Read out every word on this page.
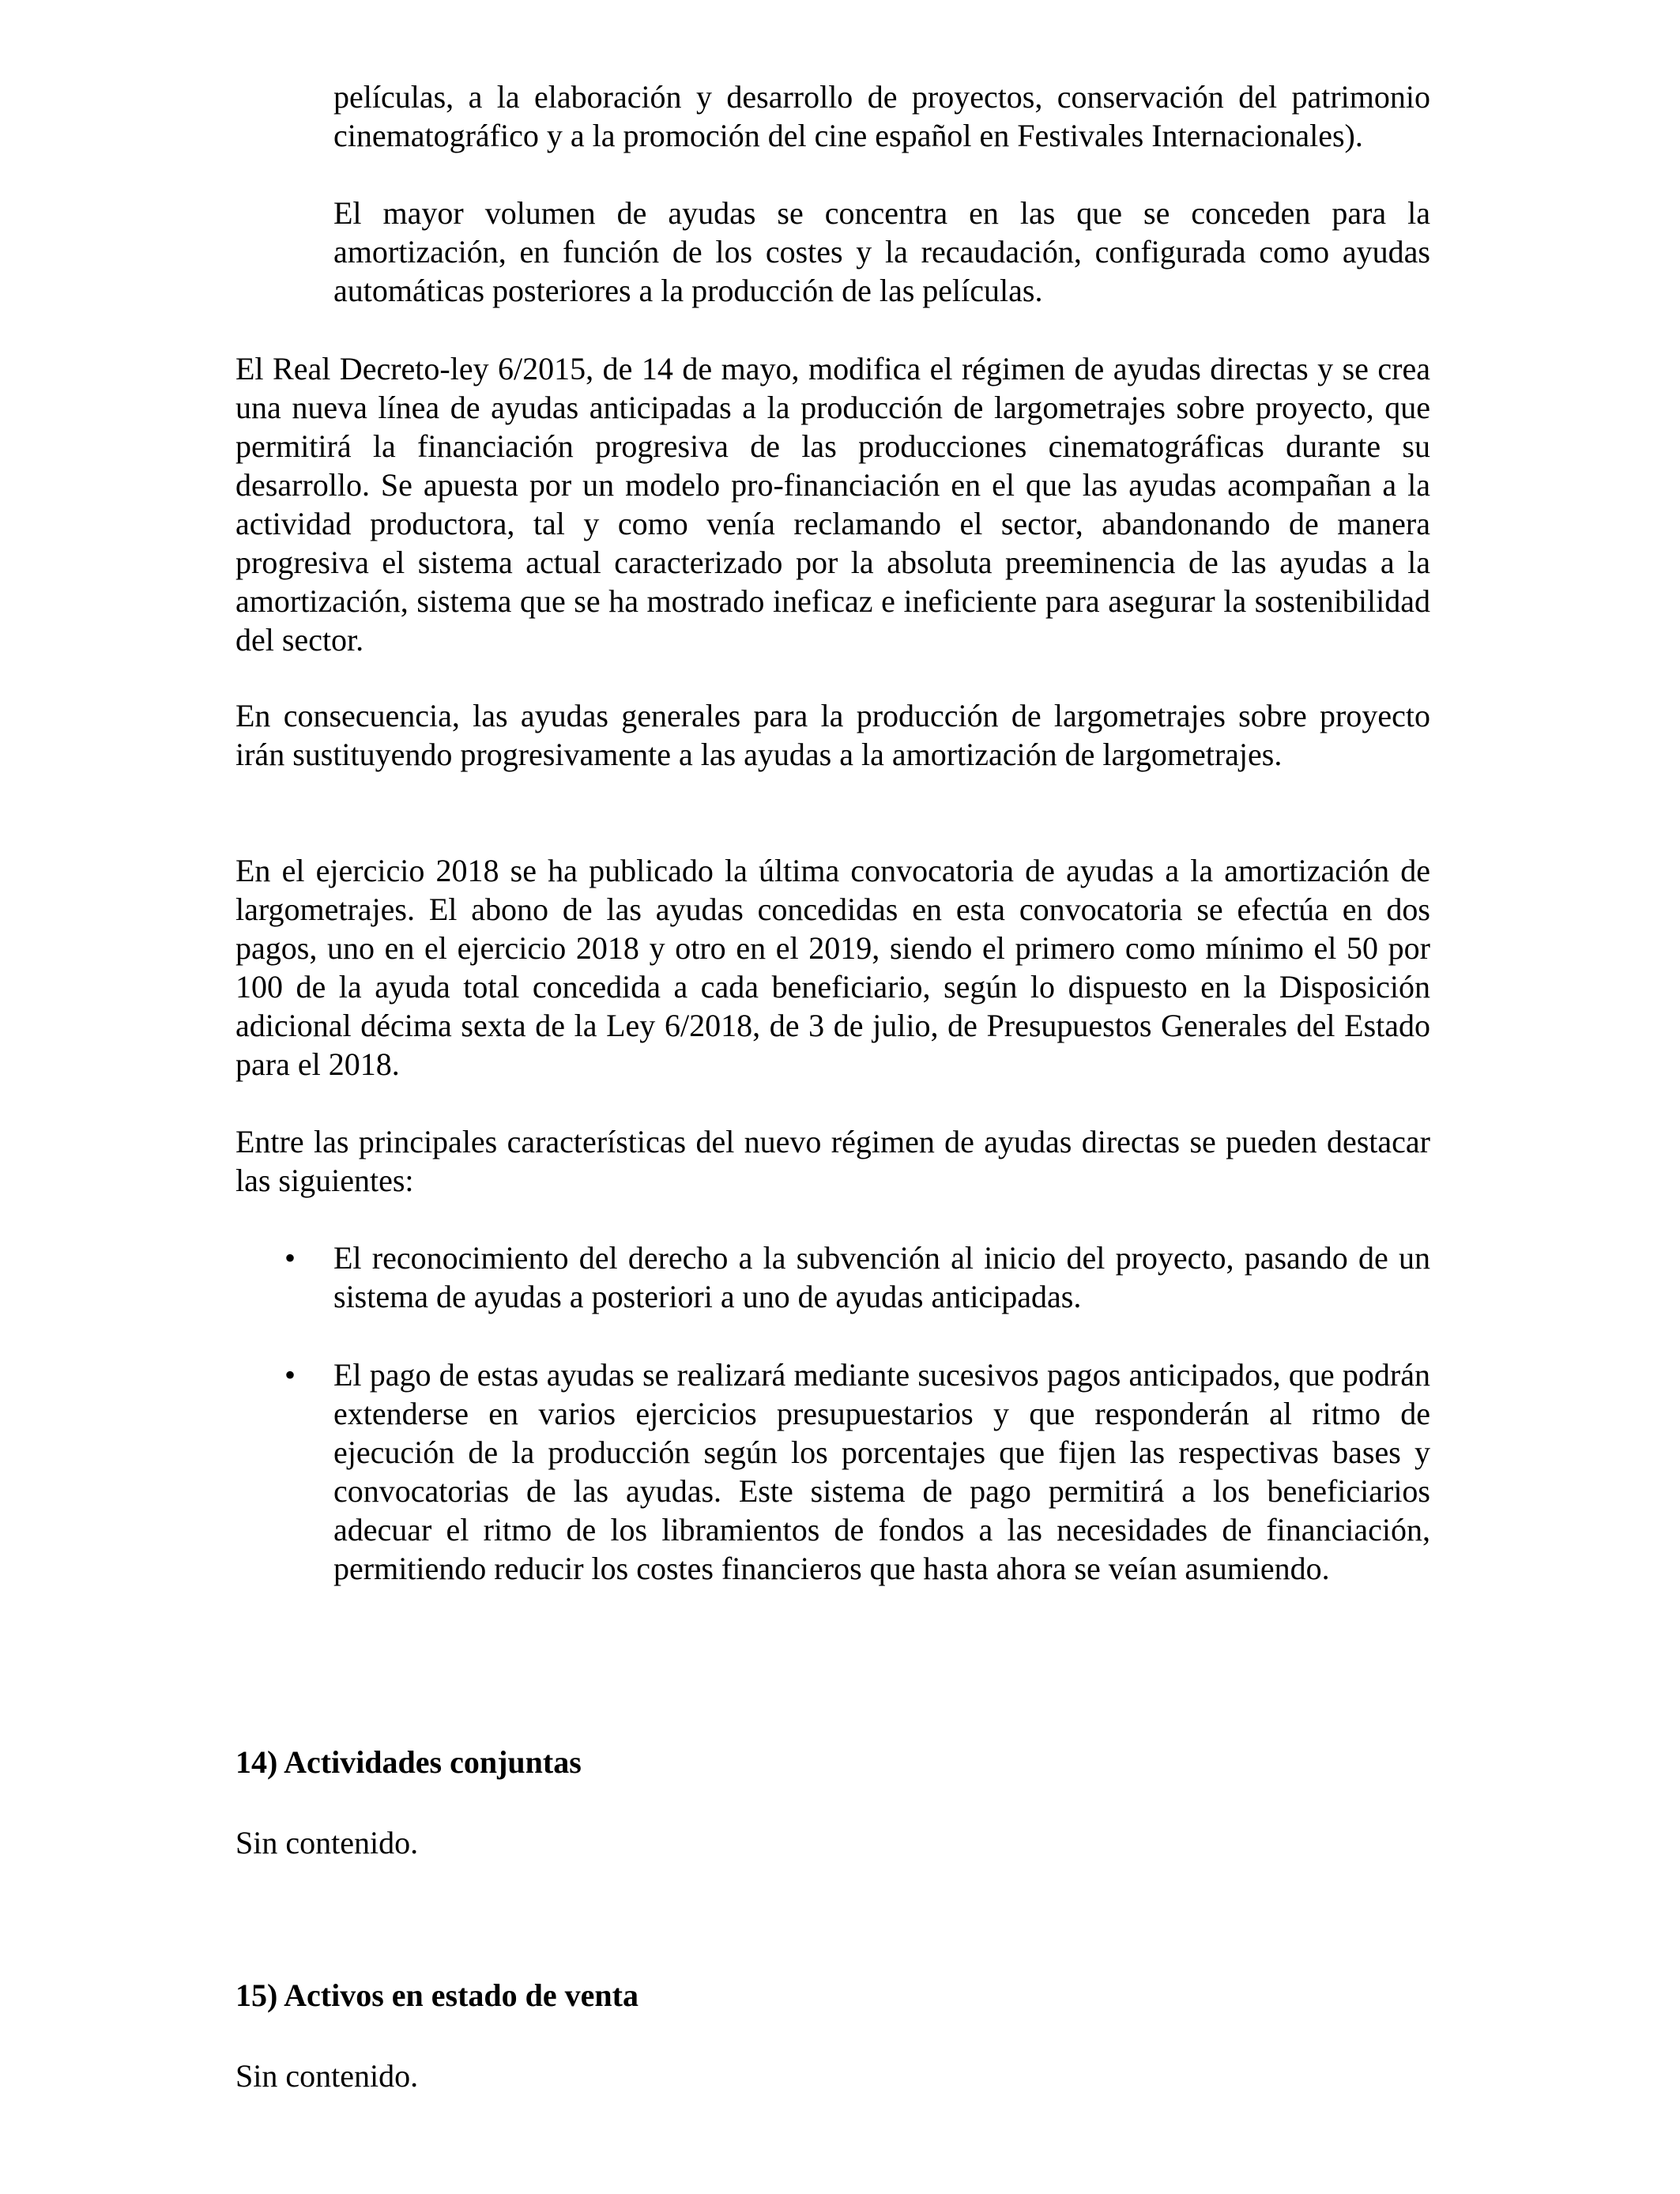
películas, a la elaboración y desarrollo de proyectos, conservación del patrimonio cinematográfico y a la promoción del cine español en Festivales Internacionales).
El mayor volumen de ayudas se concentra en las que se conceden para la amortización, en función de los costes y la recaudación, configurada como ayudas automáticas posteriores a la producción de las películas.
El Real Decreto-ley 6/2015, de 14 de mayo, modifica el régimen de ayudas directas y se crea una nueva línea de ayudas anticipadas a la producción de largometrajes sobre proyecto, que permitirá la financiación progresiva de las producciones cinematográficas durante su desarrollo. Se apuesta por un modelo pro-financiación en el que las ayudas acompañan a la actividad productora, tal y como venía reclamando el sector, abandonando de manera progresiva el sistema actual caracterizado por la absoluta preeminencia de las ayudas a la amortización, sistema que se ha mostrado ineficaz e ineficiente para asegurar la sostenibilidad del sector.
En consecuencia, las ayudas generales para la producción de largometrajes sobre proyecto irán sustituyendo progresivamente a las ayudas a la amortización de largometrajes.
En el ejercicio 2018 se ha publicado la última convocatoria de ayudas a la amortización de largometrajes. El abono de las ayudas concedidas en esta convocatoria se efectúa en dos pagos, uno en el ejercicio 2018 y otro en el 2019, siendo el primero como mínimo el 50 por 100 de la ayuda total concedida a cada beneficiario, según lo dispuesto en la Disposición adicional décima sexta de la Ley 6/2018, de 3 de julio, de Presupuestos Generales del Estado para el 2018.
Entre las principales características del nuevo régimen de ayudas directas se pueden destacar las siguientes:
• El reconocimiento del derecho a la subvención al inicio del proyecto, pasando de un sistema de ayudas a posteriori a uno de ayudas anticipadas.
• El pago de estas ayudas se realizará mediante sucesivos pagos anticipados, que podrán extenderse en varios ejercicios presupuestarios y que responderán al ritmo de ejecución de la producción según los porcentajes que fijen las respectivas bases y convocatorias de las ayudas. Este sistema de pago permitirá a los beneficiarios adecuar el ritmo de los libramientos de fondos a las necesidades de financiación, permitiendo reducir los costes financieros que hasta ahora se veían asumiendo.
14) Actividades conjuntas
Sin contenido.
15) Activos en estado de venta
Sin contenido.
